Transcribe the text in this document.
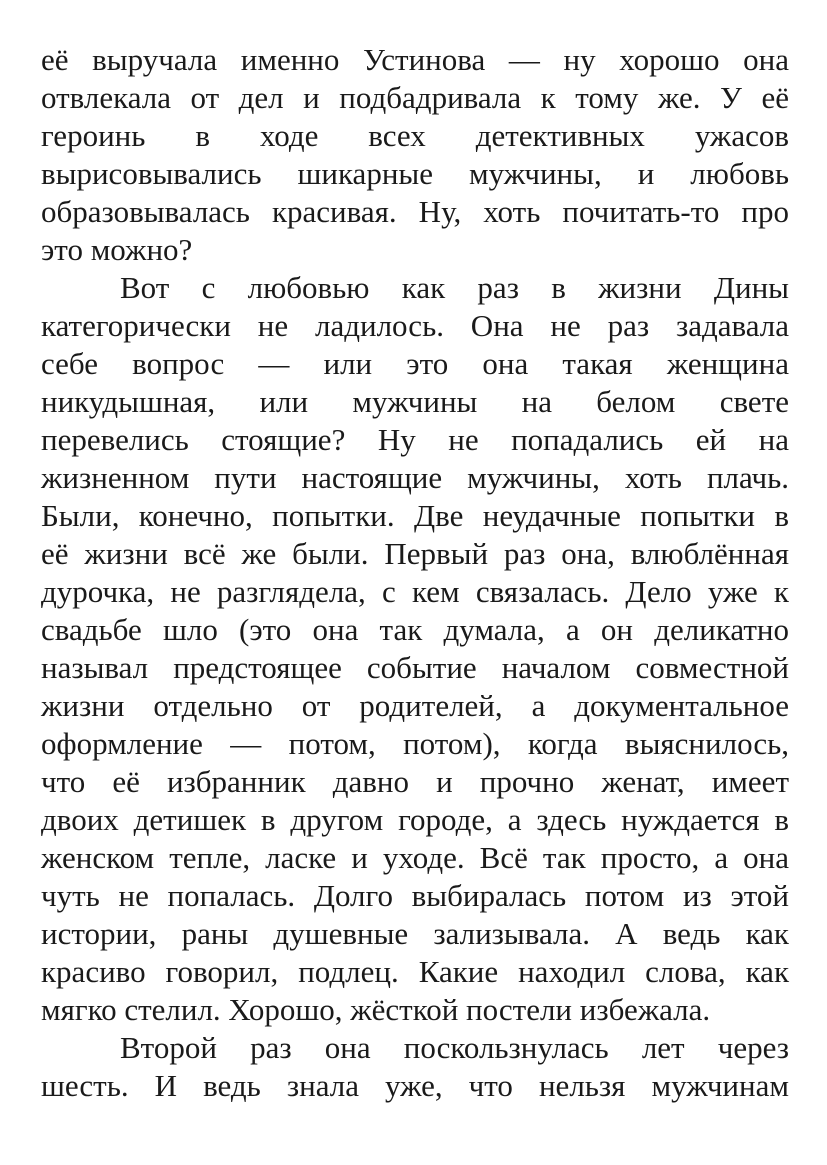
её выручала именно Устинова — ну хорошо она
отвлекала от дел и подбадривала к тому же. У её
героинь в ходе всех детективных ужасов
вырисовывались шикарные мужчины, и любовь
образовывалась красивая. Ну, хоть почитать-то про
это можно?
Вот с любовью как раз в жизни Дины
категорически не ладилось. Она не раз задавала
себе вопрос — или это она такая женщина
никудышная, или мужчины на белом свете
перевелись стоящие? Ну не попадались ей на
жизненном пути настоящие мужчины, хоть плачь.
Были, конечно, попытки. Две неудачные попытки в
её жизни всё же были. Первый раз она, влюблённая
дурочка, не разглядела, с кем связалась. Дело уже к
свадьбе шло (это она так думала, а он деликатно
называл предстоящее событие началом совместной
жизни отдельно от родителей, а документальное
оформление — потом, потом), когда выяснилось,
что её избранник давно и прочно женат, имеет
двоих детишек в другом городе, а здесь нуждается в
женском тепле, ласке и уходе. Всё так просто, а она
чуть не попалась. Долго выбиралась потом из этой
истории, раны душевные зализывала. А ведь как
красиво говорил, подлец. Какие находил слова, как
мягко стелил. Хорошо, жёсткой постели избежала.
Второй раз она поскользнулась лет через
шесть. И ведь знала уже, что нельзя мужчинам
